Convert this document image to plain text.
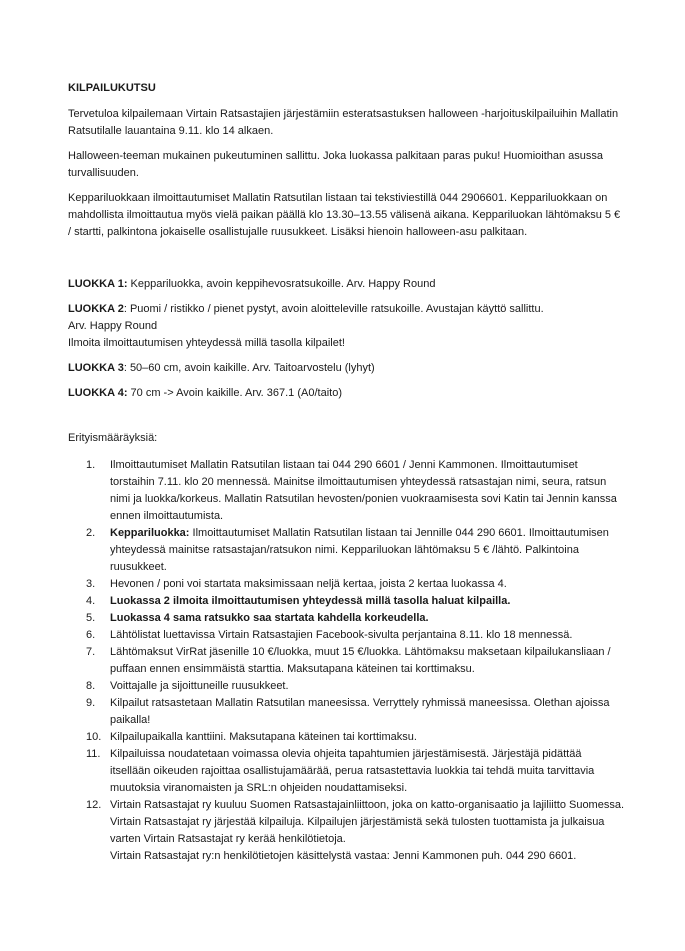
KILPAILUKUTSU

Tervetuloa kilpailemaan Virtain Ratsastajien järjestämiin esteratsastuksen halloween -harjoituskilpailuihin Mallatin Ratsutilalle lauantaina 9.11. klo 14 alkaen.

Halloween-teeman mukainen pukeutuminen sallittu. Joka luokassa palkitaan paras puku! Huomioithan asussa turvallisuuden.

Keppariluokkaan ilmoittautumiset Mallatin Ratsutilan listaan tai tekstiviestillä 044 2906601. Keppariluokkaan on mahdollista ilmoittautua myös vielä paikan päällä klo 13.30–13.55 välisenä aikana. Keppariluokan lähtömaksu 5 € / startti, palkintona jokaiselle osallistujalle ruusukkeet. Lisäksi hienoin halloween-asu palkitaan.

LUOKKA 1: Keppariluokka, avoin keppihevosratsukoille. Arv. Happy Round
LUOKKA 2: Puomi / ristikko / pienet pystyt, avoin aloitteleville ratsukoille. Avustajan käyttö sallittu.
Arv. Happy Round
Ilmoita ilmoittautumisen yhteydessä millä tasolla kilpailet!
LUOKKA 3: 50–60 cm, avoin kaikille. Arv. Taitoarvostelu (lyhyt)
LUOKKA 4: 70 cm -> Avoin kaikille. Arv. 367.1 (A0/taito)
Erityismääräyksiä:
1. Ilmoittautumiset Mallatin Ratsutilan listaan tai 044 290 6601 / Jenni Kammonen. Ilmoittautumiset torstaihin 7.11. klo 20 mennessä. Mainitse ilmoittautumisen yhteydessä ratsastajan nimi, seura, ratsun nimi ja luokka/korkeus. Mallatin Ratsutilan hevosten/ponien vuokraamisesta sovi Katin tai Jennin kanssa ennen ilmoittautumista.
2. Keppariluokka: Ilmoittautumiset Mallatin Ratsutilan listaan tai Jennille 044 290 6601. Ilmoittautumisen yhteydessä mainitse ratsastajan/ratsukon nimi. Keppariluokan lähtömaksu 5 € /lähtö. Palkintoina ruusukkeet.
3. Hevonen / poni voi startata maksimissaan neljä kertaa, joista 2 kertaa luokassa 4.
4. Luokassa 2 ilmoita ilmoittautumisen yhteydessä millä tasolla haluat kilpailla.
5. Luokassa 4 sama ratsukko saa startata kahdella korkeudella.
6. Lähtölistat luettavissa Virtain Ratsastajien Facebook-sivulta perjantaina 8.11. klo 18 mennessä.
7. Lähtömaksut VirRat jäsenille 10 €/luokka, muut 15 €/luokka. Lähtömaksu maksetaan kilpailukansliaan / puffaan ennen ensimmäistä starttia. Maksutapana käteinen tai korttimaksu.
8. Voittajalle ja sijoittuneille ruusukkeet.
9. Kilpailut ratsastetaan Mallatin Ratsutilan maneesissa. Verryttely ryhmissä maneesissa. Olethan ajoissa paikalla!
10. Kilpailupaikalla kanttiini. Maksutapana käteinen tai korttimaksu.
11. Kilpailuissa noudatetaan voimassa olevia ohjeita tapahtumien järjestämisestä. Järjestäjä pidättää itsellään oikeuden rajoittaa osallistujamäärää, perua ratsastettavia luokkia tai tehdä muita tarvittavia muutoksia viranomaisten ja SRL:n ohjeiden noudattamiseksi.
12. Virtain Ratsastajat ry kuuluu Suomen Ratsastajainliittoon, joka on katto-organisaatio ja lajiliitto Suomessa. Virtain Ratsastajat ry järjestää kilpailuja. Kilpailujen järjestämistä sekä tulosten tuottamista ja julkaisua varten Virtain Ratsastajat ry kerää henkilötietoja.
Virtain Ratsastajat ry:n henkilötietojen käsittelystä vastaa: Jenni Kammonen puh. 044 290 6601.
